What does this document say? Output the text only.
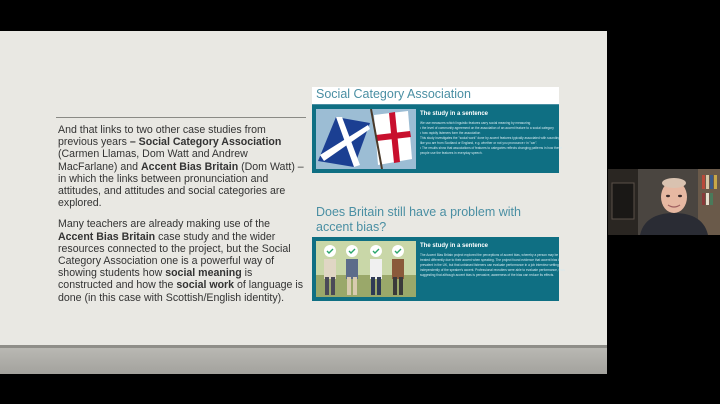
And that links to two other case studies from previous years – Social Category Association (Carmen Llamas, Dom Watt and Andrew MacFarlane) and Accent Bias Britain (Dom Watt) – in which the links between pronunciation and attitudes, and attitudes and social categories are explored.

Many teachers are already making use of the Accent Bias Britain case study and the wider resources connected to the project, but the Social Category Association one is a powerful way of showing students how social meaning is constructed and how the social work of language is done (in this case with Scottish/English identity).

Social Category Association
The study in a sentence
We use measures which linguistic features carry social meaning by measuring
• the level of community agreement on the association of an accent feature to a social category
• how rapidly listeners form the association
This study investigates the "social work" done by accent features typically associated with sounding
like you are from Scotland or England, e.g. whether or not you pronounce r in "car".
• The results show that associations of features to categories reflects changing patterns in how these
people use the features in everyday speech.
Does Britain still have a problem with accent bias?
The study in a sentence
The Accent Bias Britain project explored the perceptions of accent bias, whereby a person may be
treated differently due to their accent when speaking. The project found evidence that accent bias is
prevalent in the UK, but that unbiased listeners can evaluate performance in a job interview setting
independently of the speaker's accent. Professional recruiters were able to evaluate performance, thus
suggesting that although accent bias is pervasive, awareness of the bias can reduce its effects.
